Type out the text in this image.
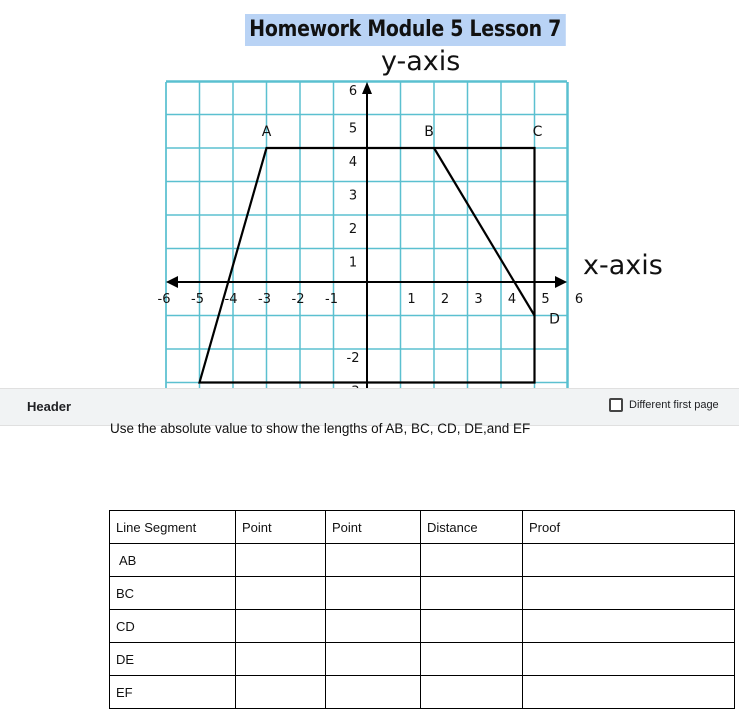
Homework Module 5 Lesson 7
y-axis
x-axis
-6 -5 -4 -3 -2 -1	1 2 3 4 5 6
6
5
4
3
2
1
-2
A	B	C
D
Header	Different first page
Use the absolute value to show the lengths of AB, BC, CD, DE,and EF
Line Segment	Point	Point	Distance	Proof
AB				
BC				
CD				
DE				
EF				
